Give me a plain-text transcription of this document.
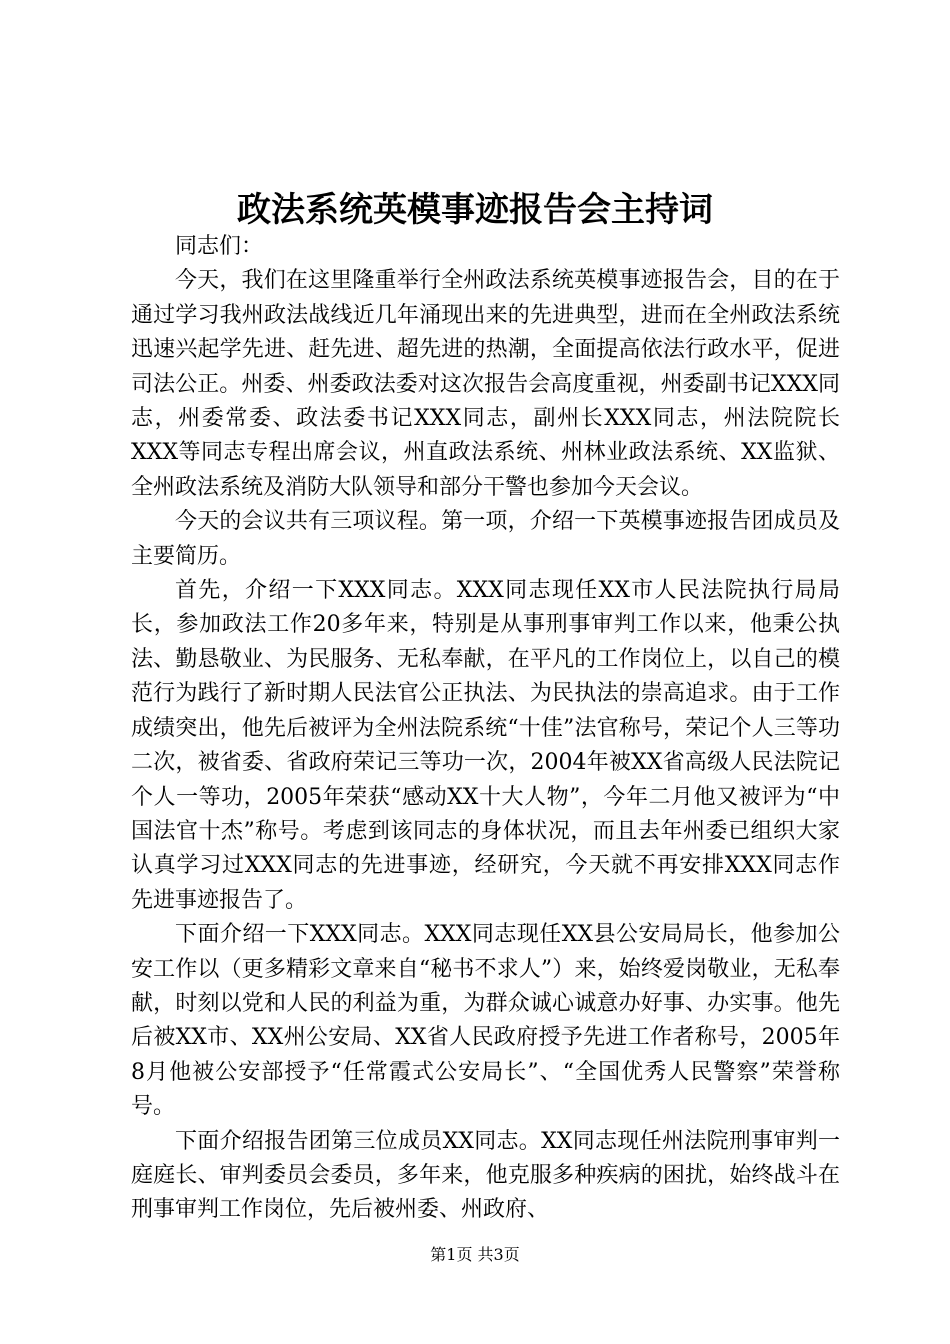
政法系统英模事迹报告会主持词

同志们：

今天，我们在这里隆重举行全州政法系统英模事迹报告会，目的在于通过学习我州政法战线近几年涌现出来的先进典型，进而在全州政法系统迅速兴起学先进、赶先进、超先进的热潮，全面提高依法行政水平，促进司法公正。州委、州委政法委对这次报告会高度重视，州委副书记XXX同志，州委常委、政法委书记XXX同志，副州长XXX同志，州法院院长XXX等同志专程出席会议，州直政法系统、州林业政法系统、XX监狱、全州政法系统及消防大队领导和部分干警也参加今天会议。

今天的会议共有三项议程。第一项，介绍一下英模事迹报告团成员及主要简历。

首先，介绍一下XXX同志。XXX同志现任XX市人民法院执行局局长，参加政法工作20多年来，特别是从事刑事审判工作以来，他秉公执法、勤恳敬业、为民服务、无私奉献，在平凡的工作岗位上，以自己的模范行为践行了新时期人民法官公正执法、为民执法的崇高追求。由于工作成绩突出，他先后被评为全州法院系统“十佳”法官称号，荣记个人三等功二次，被省委、省政府荣记三等功一次，2004年被XX省高级人民法院记个人一等功，2005年荣获“感动XX十大人物”，今年二月他又被评为“中国法官十杰”称号。考虑到该同志的身体状况，而且去年州委已组织大家认真学习过XXX同志的先进事迹，经研究，今天就不再安排XXX同志作先进事迹报告了。

下面介绍一下XXX同志。XXX同志现任XX县公安局局长，他参加公安工作以（更多精彩文章来自“秘书不求人”）来，始终爱岗敬业，无私奉献，时刻以党和人民的利益为重，为群众诚心诚意办好事、办实事。他先后被XX市、XX州公安局、XX省人民政府授予先进工作者称号，2005年8月他被公安部授予“任常霞式公安局长”、“全国优秀人民警察”荣誉称号。

下面介绍报告团第三位成员XX同志。XX同志现任州法院刑事审判一庭庭长、审判委员会委员，多年来，他克服多种疾病的困扰，始终战斗在刑事审判工作岗位，先后被州委、州政府、

第1页 共3页
